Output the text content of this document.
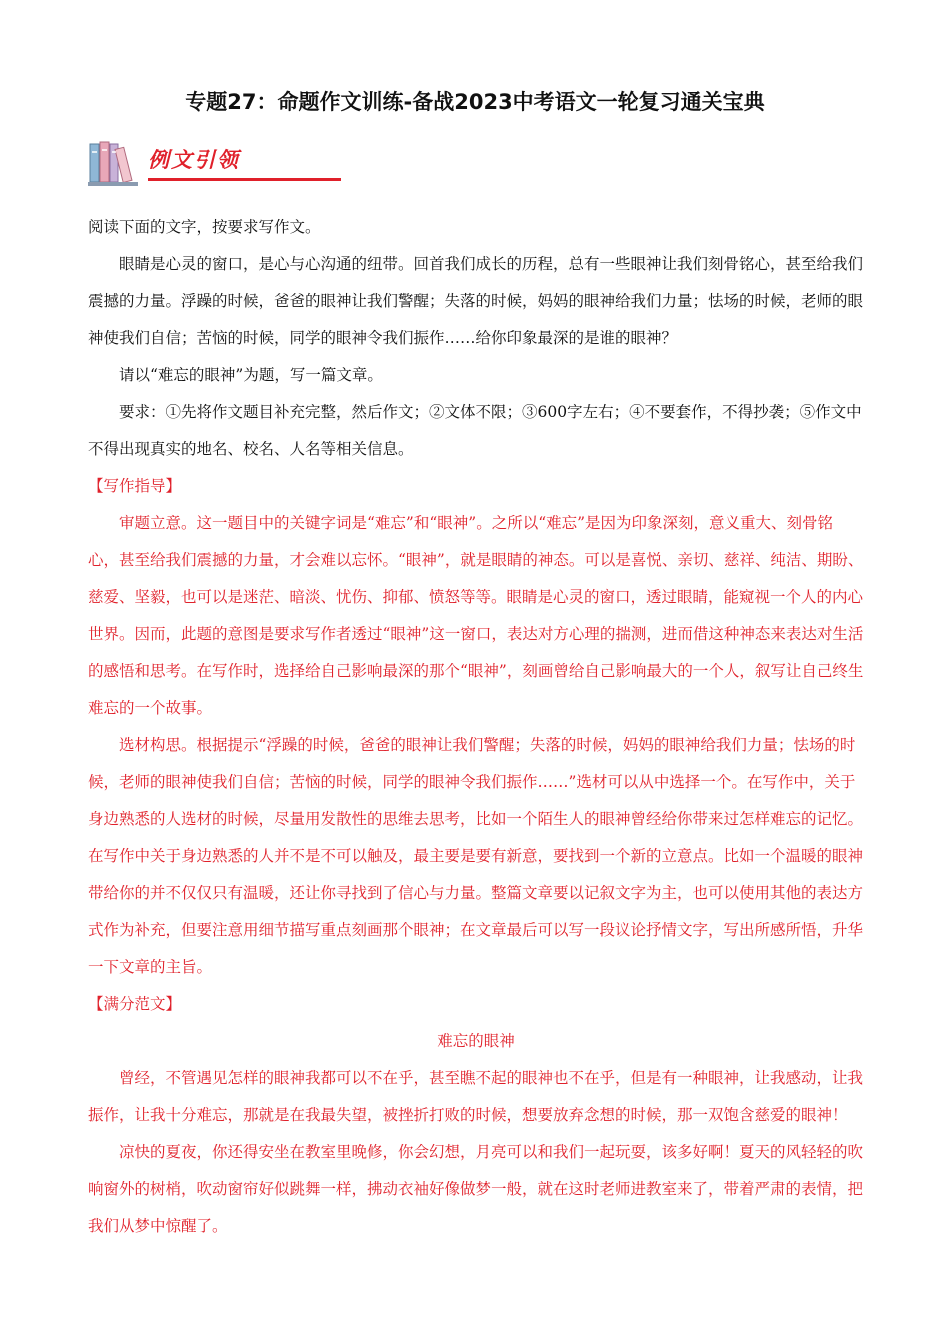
专题27：命题作文训练-备战2023中考语文一轮复习通关宝典
例文引领

阅读下面的文字，按要求写作文。

眼睛是心灵的窗口，是心与心沟通的纽带。回首我们成长的历程，总有一些眼神让我们刻骨铭心，甚至给我们震撼的力量。浮躁的时候，爸爸的眼神让我们警醒；失落的时候，妈妈的眼神给我们力量；怯场的时候，老师的眼神使我们自信；苦恼的时候，同学的眼神令我们振作……给你印象最深的是谁的眼神？

请以“难忘的眼神”为题，写一篇文章。

要求：①先将作文题目补充完整，然后作文；②文体不限；③600字左右；④不要套作，不得抄袭；⑤作文中不得出现真实的地名、校名、人名等相关信息。

【写作指导】

审题立意。这一题目中的关键字词是“难忘”和“眼神”。之所以“难忘”是因为印象深刻，意义重大、刻骨铭心，甚至给我们震撼的力量，才会难以忘怀。“眼神”，就是眼睛的神态。可以是喜悦、亲切、慈祥、纯洁、期盼、慈爱、坚毅，也可以是迷茫、暗淡、忧伤、抑郁、愤怒等等。眼睛是心灵的窗口，透过眼睛，能窥视一个人的内心世界。因而，此题的意图是要求写作者透过“眼神”这一窗口，表达对方心理的揣测，进而借这种神态来表达对生活的感悟和思考。在写作时，选择给自己影响最深的那个“眼神”，刻画曾给自己影响最大的一个人，叙写让自己终生难忘的一个故事。

选材构思。根据提示“浮躁的时候，爸爸的眼神让我们警醒；失落的时候，妈妈的眼神给我们力量；怯场的时候，老师的眼神使我们自信；苦恼的时候，同学的眼神令我们振作……”选材可以从中选择一个。在写作中，关于身边熟悉的人选材的时候，尽量用发散性的思维去思考，比如一个陌生人的眼神曾经给你带来过怎样难忘的记忆。在写作中关于身边熟悉的人并不是不可以触及，最主要是要有新意，要找到一个新的立意点。比如一个温暖的眼神带给你的并不仅仅只有温暖，还让你寻找到了信心与力量。整篇文章要以记叙文字为主，也可以使用其他的表达方式作为补充，但要注意用细节描写重点刻画那个眼神；在文章最后可以写一段议论抒情文字，写出所感所悟，升华一下文章的主旨。

【满分范文】

难忘的眼神

曾经，不管遇见怎样的眼神我都可以不在乎，甚至瞧不起的眼神也不在乎，但是有一种眼神，让我感动，让我振作，让我十分难忘，那就是在我最失望，被挫折打败的时候，想要放弃念想的时候，那一双饱含慈爱的眼神！

凉快的夏夜，你还得安坐在教室里晚修，你会幻想，月亮可以和我们一起玩耍，该多好啊！夏天的风轻轻的吹响窗外的树梢，吹动窗帘好似跳舞一样，拂动衣袖好像做梦一般，就在这时老师进教室来了，带着严肃的表情，把我们从梦中惊醒了。
